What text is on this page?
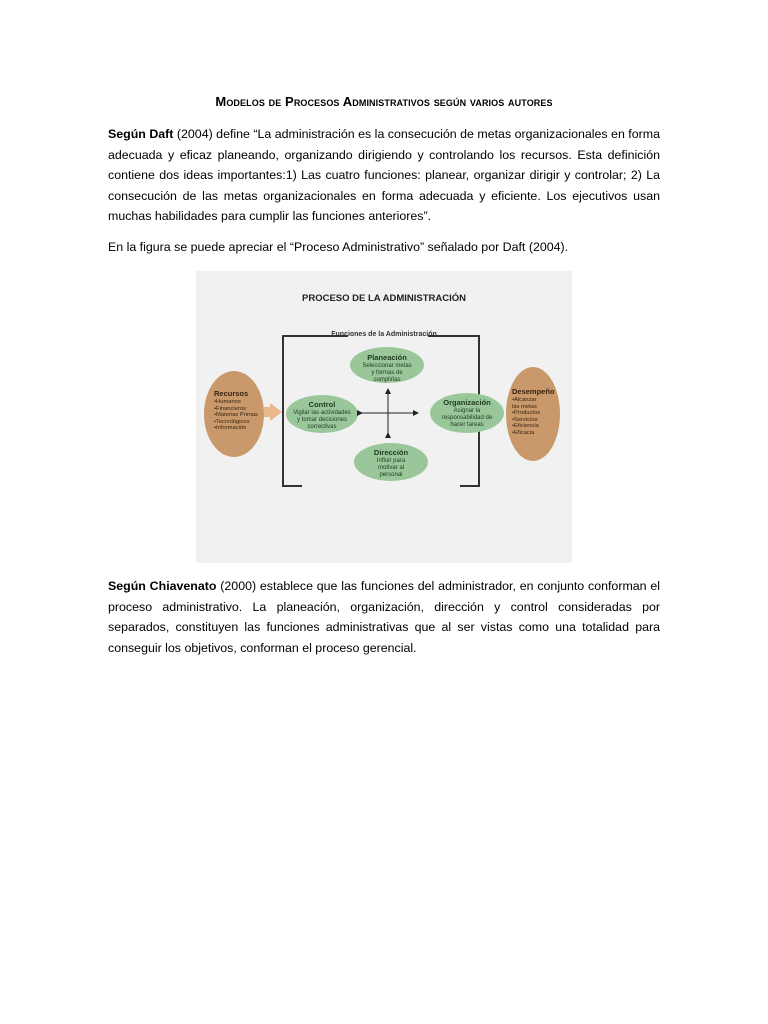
Modelos de Procesos Administrativos según varios autores
Según Daft (2004) define “La administración es la consecución de metas organizacionales en forma adecuada y eficaz planeando, organizando dirigiendo y controlando los recursos. Esta definición contiene dos ideas importantes:1) Las cuatro funciones: planear, organizar dirigir y controlar; 2) La consecución de las metas organizacionales en forma adecuada y eficiente. Los ejecutivos usan muchas habilidades para cumplir las funciones anteriores”.
En la figura se puede apreciar el “Proceso Administrativo” señalado por Daft (2004).
PROCESO DE LA ADMINISTRACIÓN
Funciones de la Administración
Recursos
•Humanos
•Financieros
•Materias Primas
•Tecnológicos
•Información
Desempeño
•Alcanzar
las metas
•Productos
•Servicios
•Eficiencia
•Eficacia
Planeación
Seleccionar metas y formas de cumplirlas
Control
Vigilar las actividades y tomar decisiones correctivas
Organización
Asignar la responsabilidad de hacer tareas
Dirección
Influir para motivar al personal
Según Chiavenato (2000) establece que las funciones del administrador, en conjunto conforman el proceso administrativo. La planeación, organización, dirección y control consideradas por separados, constituyen las funciones administrativas que al ser vistas como una totalidad para conseguir los objetivos, conforman el proceso gerencial.
